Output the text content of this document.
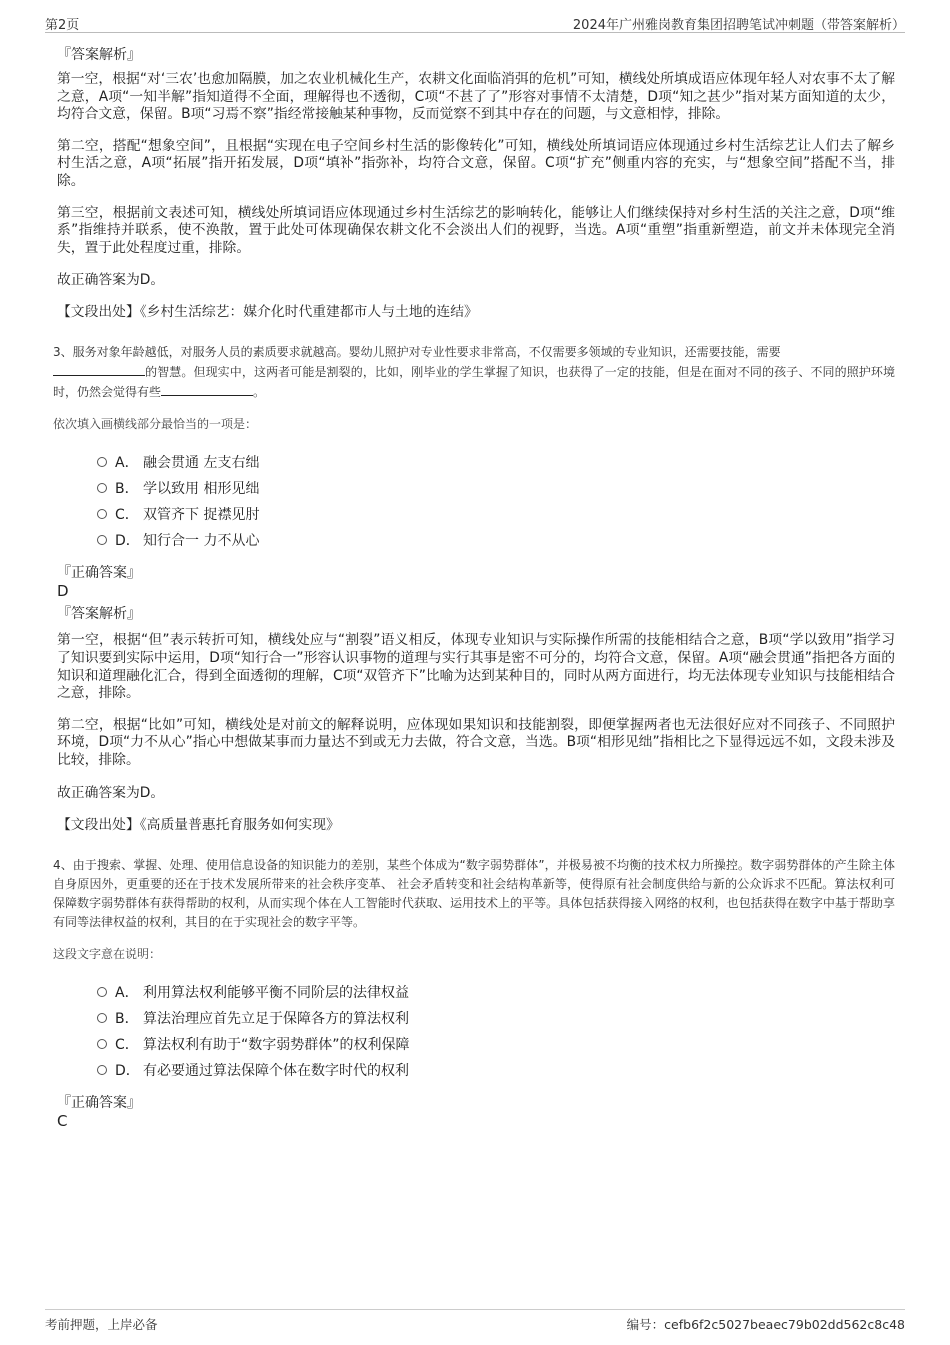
第2页	2024年广州雅岗教育集团招聘笔试冲刺题（带答案解析）
『答案解析』

第一空，根据“对‘三农’也愈加隔膜，加之农业机械化生产，农耕文化面临消弭的危机”可知，横线处所填成语应体现年轻人对农事不太了解之意，A项“一知半解”指知道得不全面，理解得也不透彻，C项“不甚了了”形容对事情不太清楚，D项“知之甚少”指对某方面知道的太少，均符合文意，保留。B项“习焉不察”指经常接触某种事物，反而觉察不到其中存在的问题，与文意相悖，排除。

第二空，搭配“想象空间”，且根据“实现在电子空间乡村生活的影像转化”可知，横线处所填词语应体现通过乡村生活综艺让人们去了解乡村生活之意，A项“拓展”指开拓发展，D项“填补”指弥补，均符合文意，保留。C项“扩充”侧重内容的充实，与“想象空间”搭配不当，排除。

第三空，根据前文表述可知，横线处所填词语应体现通过乡村生活综艺的影响转化，能够让人们继续保持对乡村生活的关注之意，D项“维系”指维持并联系，使不涣散，置于此处可体现确保农耕文化不会淡出人们的视野，当选。A项“重塑”指重新塑造，前文并未体现完全消失，置于此处程度过重，排除。

故正确答案为D。

【文段出处】《乡村生活综艺：媒介化时代重建都市人与土地的连结》

3、服务对象年龄越低，对服务人员的素质要求就越高。婴幼儿照护对专业性要求非常高，不仅需要多领域的专业知识，还需要技能，需要
的智慧。但现实中，这两者可能是割裂的，比如，刚毕业的学生掌握了知识，也获得了一定的技能，但是在面对不同的孩子、不同的照护环境时，仍然会觉得有些	。

依次填入画横线部分最恰当的一项是：

A． 融会贯通 左支右绌
B． 学以致用 相形见绌
C． 双管齐下 捉襟见肘
D． 知行合一 力不从心
『正确答案』
D
『答案解析』

第一空，根据“但”表示转折可知，横线处应与“割裂”语义相反，体现专业知识与实际操作所需的技能相结合之意，B项“学以致用”指学习了知识要到实际中运用，D项“知行合一”形容认识事物的道理与实行其事是密不可分的，均符合文意，保留。A项“融会贯通”指把各方面的知识和道理融化汇合，得到全面透彻的理解，C项“双管齐下”比喻为达到某种目的，同时从两方面进行，均无法体现专业知识与技能相结合之意，排除。

第二空，根据“比如”可知，横线处是对前文的解释说明，应体现如果知识和技能割裂，即便掌握两者也无法很好应对不同孩子、不同照护环境，D项“力不从心”指心中想做某事而力量达不到或无力去做，符合文意，当选。B项“相形见绌”指相比之下显得远远不如，文段未涉及比较，排除。

故正确答案为D。

【文段出处】《高质量普惠托育服务如何实现》

4、由于搜索、掌握、处理、使用信息设备的知识能力的差别，某些个体成为“数字弱势群体”，并极易被不均衡的技术权力所操控。数字弱势群体的产生除主体自身原因外，更重要的还在于技术发展所带来的社会秩序变革、 社会矛盾转变和社会结构革新等，使得原有社会制度供给与新的公众诉求不匹配。算法权利可保障数字弱势群体有获得帮助的权利，从而实现个体在人工智能时代获取、运用技术上的平等。具体包括获得接入网络的权利，也包括获得在数字中基于帮助享有同等法律权益的权利，其目的在于实现社会的数字平等。

这段文字意在说明：

A． 利用算法权利能够平衡不同阶层的法律权益
B． 算法治理应首先立足于保障各方的算法权利
C． 算法权利有助于“数字弱势群体”的权利保障
D． 有必要通过算法保障个体在数字时代的权利
『正确答案』
C
考前押题，上岸必备	编号：cefb6f2c5027beaec79b02dd562c8c48
